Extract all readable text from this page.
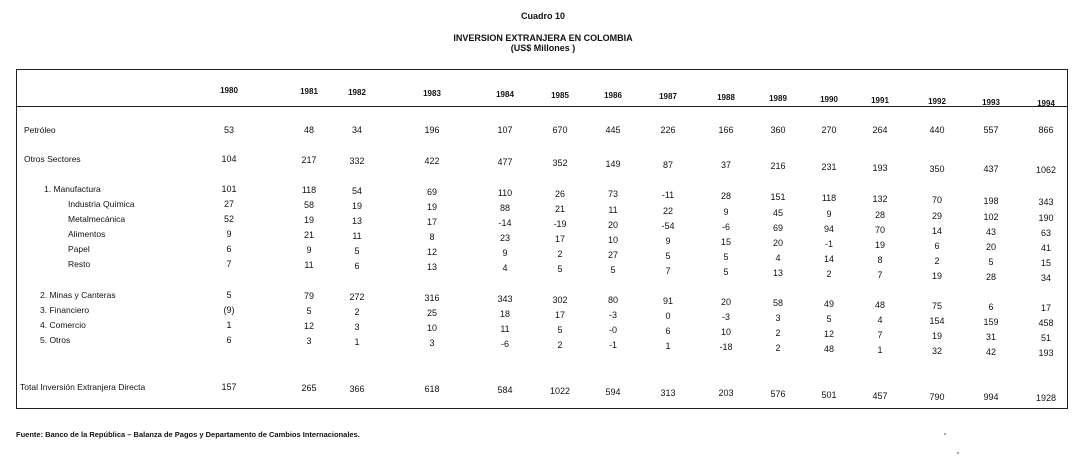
Cuadro 10
INVERSION EXTRANJERA EN COLOMBIA
(US$ Millones )
1980	1981	1982	1983	1984	1985	1986	1987	1988	1989	1990	1991	1992	1993	1994
Petróleo	53	48	34	196	107	670	445	226	166	360	270	264	440	557	866
Otros Sectores	104	217	332	422	477	352	149	87	37	216	231	193	350	437	1062
1. Manufactura	101	118	54	69	110	26	73	-11	28	151	118	132	70	198	343
Industria Química	27	58	19	19	88	21	11	22	9	45	9	28	29	102	190
Metalmecánica	52	19	13	17	-14	-19	20	-54	-6	69	94	70	14	43	63
Alimentos	9	21	11	8	23	17	10	9	15	20	-1	19	6	20	41
Papel	6	9	5	12	9	2	27	5	5	4	14	8	2	5	15
Resto	7	11	6	13	4	5	5	7	5	13	2	7	19	28	34
2. Minas y Canteras	5	79	272	316	343	302	80	91	20	58	49	48	75	6	17
3. Financiero	(9)	5	2	25	18	17	-3	0	-3	3	5	4	154	159	458
4. Comercio	1	12	3	10	11	5	-0	6	10	2	12	7	19	31	51
5. Otros	6	3	1	3	-6	2	-1	1	-18	2	48	1	32	42	193
Total Inversión Extranjera Directa	157	265	366	618	584	1022	594	313	203	576	501	457	790	994	1928
Fuente: Banco de la República – Balanza de Pagos y Departamento de Cambios Internacionales.
